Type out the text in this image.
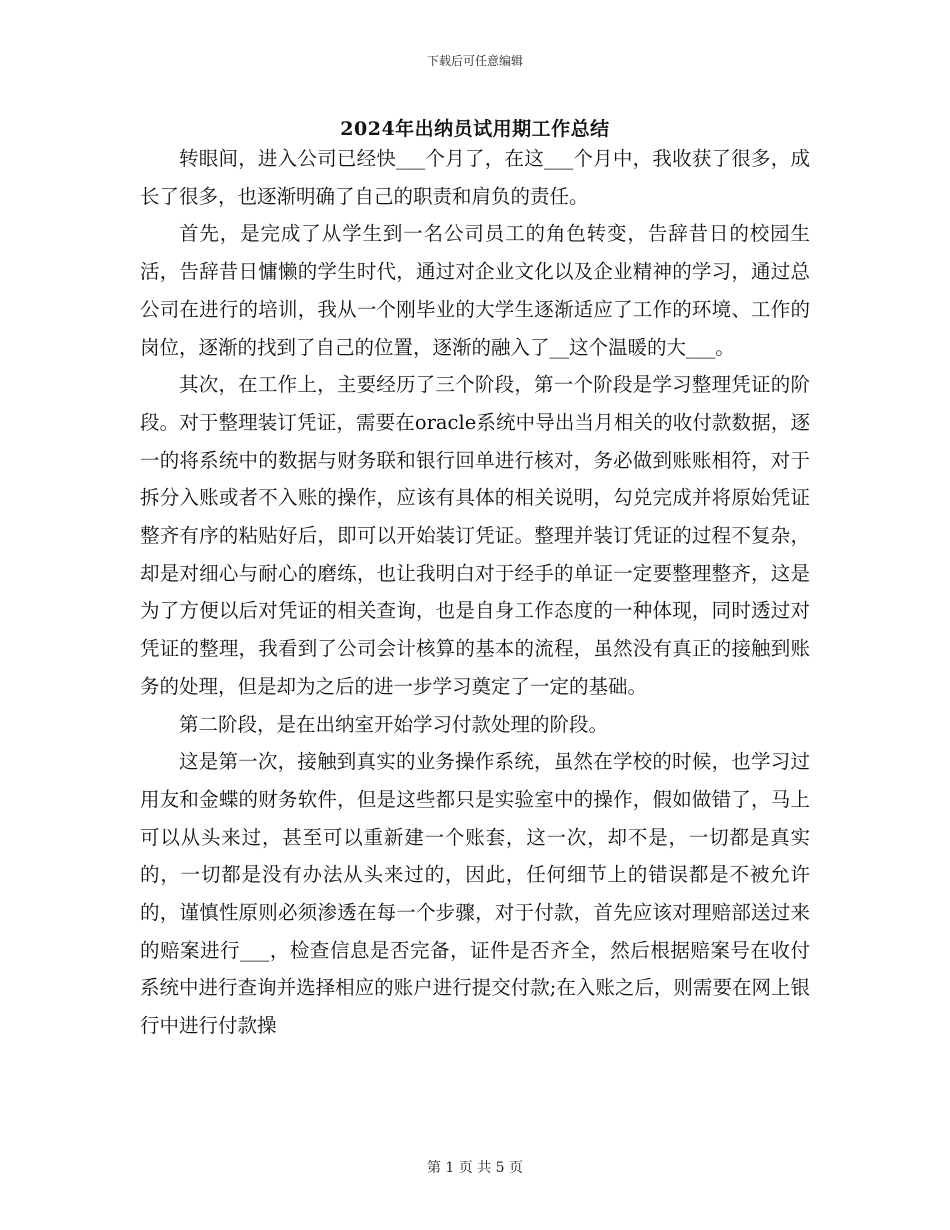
下载后可任意编辑
2024年出纳员试用期工作总结

转眼间，进入公司已经快___个月了，在这___个月中，我收获了很多，成长了很多，也逐渐明确了自己的职责和肩负的责任。

首先，是完成了从学生到一名公司员工的角色转变，告辞昔日的校园生活，告辞昔日慵懒的学生时代，通过对企业文化以及企业精神的学习，通过总公司在进行的培训，我从一个刚毕业的大学生逐渐适应了工作的环境、工作的岗位，逐渐的找到了自己的位置，逐渐的融入了__这个温暖的大___。

其次，在工作上，主要经历了三个阶段，第一个阶段是学习整理凭证的阶段。对于整理装订凭证，需要在oracle系统中导出当月相关的收付款数据，逐一的将系统中的数据与财务联和银行回单进行核对，务必做到账账相符，对于拆分入账或者不入账的操作，应该有具体的相关说明，勾兑完成并将原始凭证整齐有序的粘贴好后，即可以开始装订凭证。整理并装订凭证的过程不复杂，却是对细心与耐心的磨练，也让我明白对于经手的单证一定要整理整齐，这是为了方便以后对凭证的相关查询，也是自身工作态度的一种体现，同时透过对凭证的整理，我看到了公司会计核算的基本的流程，虽然没有真正的接触到账务的处理，但是却为之后的进一步学习奠定了一定的基础。

第二阶段，是在出纳室开始学习付款处理的阶段。

这是第一次，接触到真实的业务操作系统，虽然在学校的时候，也学习过用友和金蝶的财务软件，但是这些都只是实验室中的操作，假如做错了，马上可以从头来过，甚至可以重新建一个账套，这一次，却不是，一切都是真实的，一切都是没有办法从头来过的，因此，任何细节上的错误都是不被允许的，谨慎性原则必须渗透在每一个步骤，对于付款，首先应该对理赔部送过来的赔案进行___，检查信息是否完备，证件是否齐全，然后根据赔案号在收付系统中进行查询并选择相应的账户进行提交付款;在入账之后，则需要在网上银行中进行付款操

第 1 页 共 5 页
